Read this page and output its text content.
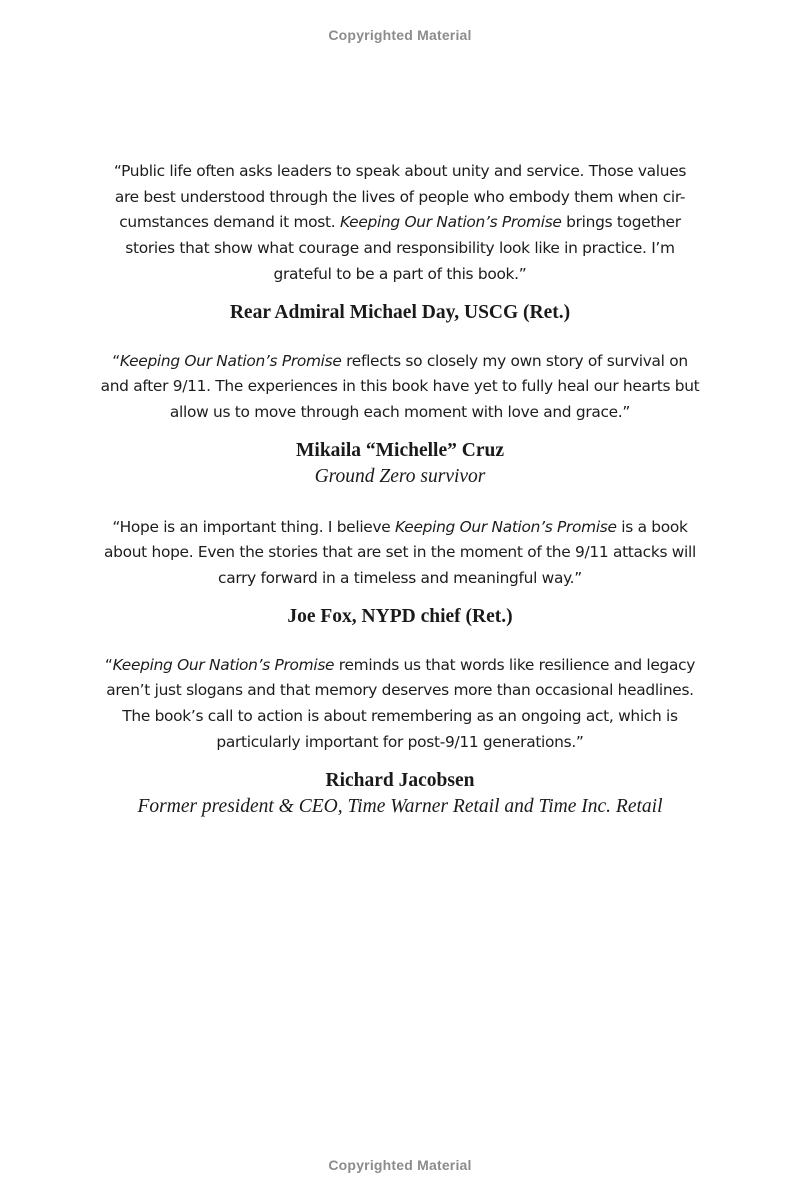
Copyrighted Material

“Public life often asks leaders to speak about unity and service. Those values are best understood through the lives of people who embody them when cir-cumstances demand it most. Keeping Our Nation’s Promise brings together stories that show what courage and responsibility look like in practice. I’m grateful to be a part of this book.”

Rear Admiral Michael Day, USCG (Ret.)

“Keeping Our Nation’s Promise reflects so closely my own story of survival on and after 9/11. The experiences in this book have yet to fully heal our hearts but allow us to move through each moment with love and grace.”

Mikaila “Michelle” Cruz
Ground Zero survivor

“Hope is an important thing. I believe Keeping Our Nation’s Promise is a book about hope. Even the stories that are set in the moment of the 9/11 attacks will carry forward in a timeless and meaningful way.”

Joe Fox, NYPD chief (Ret.)

“Keeping Our Nation’s Promise reminds us that words like resilience and legacy aren’t just slogans and that memory deserves more than occasional headlines. The book’s call to action is about remembering as an ongoing act, which is particularly important for post-9/11 generations.”

Richard Jacobsen
Former president & CEO, Time Warner Retail and Time Inc. Retail
Copyrighted Material
